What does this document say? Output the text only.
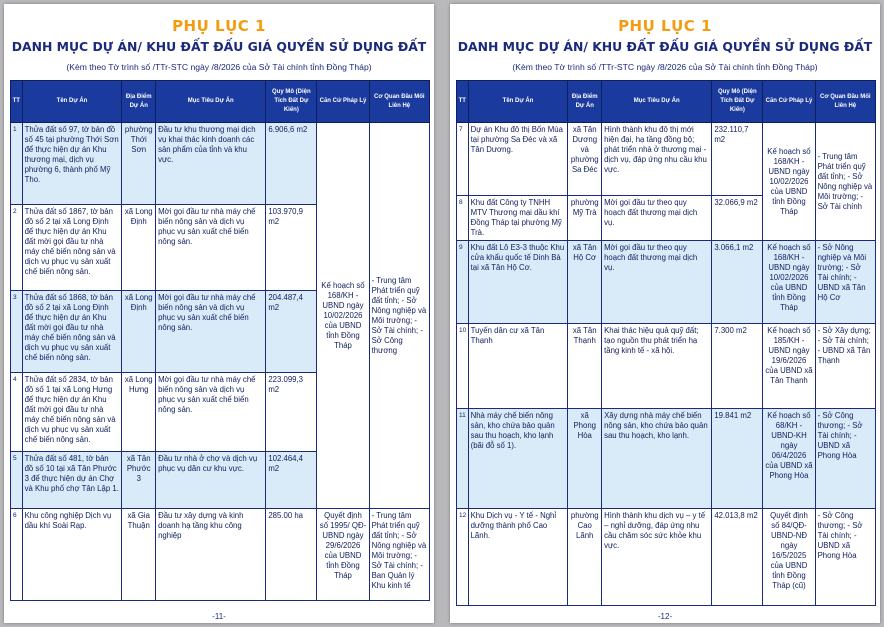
PHỤ LỤC 1
DANH MỤC DỰ ÁN/ KHU ĐẤT ĐẤU GIÁ QUYỀN SỬ DỤNG ĐẤT
(Kèm theo Tờ trình số /TTr-STC ngày /8/2026 của Sở Tài chính tỉnh Đồng Tháp)
TT	Tên Dự Án	Địa Điểm Dự Án	Mục Tiêu Dự Án	Quy Mô (Diện Tích Đất Dự Kiến)	Căn Cứ Pháp Lý	Cơ Quan Đầu Mối Liên Hệ
1	Thửa đất số 97, tờ bản đồ số 45 tại phường Thới Sơn để thực hiện dự án Khu thương mại, dịch vụ phường 6, thành phố Mỹ Tho.	phường Thới Sơn	Đầu tư khu thương mại dịch vụ khai thác kinh doanh các sản phẩm của tỉnh và khu vực.	6.906,6 m2	Kế hoạch số 168/KH -UBND ngày 10/02/2026 của UBND tỉnh Đồng Tháp	- Trung tâm Phát triển quỹ đất tỉnh; - Sở Nông nghiệp và Môi trường; - Sở Tài chính; - Sở Công thương
2	Thửa đất số 1867, tờ bản đồ số 2 tại xã Long Định để thực hiện dự án Khu đất mời gọi đầu tư nhà máy chế biến nông sản và dịch vụ phục vụ sản xuất chế biến nông sản.	xã Long Định	Mời gọi đầu tư nhà máy chế biến nông sản và dịch vụ phục vụ sản xuất chế biến nông sản.	103.970,9 m2		
3	Thửa đất số 1868, tờ bản đồ số 2 tại xã Long Định để thực hiện dự án Khu đất mời gọi đầu tư nhà máy chế biến nông sản và dịch vụ phục vụ sản xuất chế biến nông sản.	xã Long Định	Mời gọi đầu tư nhà máy chế biến nông sản và dịch vụ phục vụ sản xuất chế biến nông sản.	204.487,4 m2		
4	Thửa đất số 2834, tờ bản đồ số 1 tại xã Long Hưng để thực hiện dự án Khu đất mời gọi đầu tư nhà máy chế biến nông sản và dịch vụ phục vụ sản xuất chế biến nông sản.	xã Long Hưng	Mời gọi đầu tư nhà máy chế biến nông sản và dịch vụ phục vụ sản xuất chế biến nông sản.	223.099,3 m2		
5	Thửa đất số 481, tờ bản đồ số 10 tại xã Tân Phước 3 để thực hiện dự án Chợ và Khu phố chợ Tân Lập 1.	xã Tân Phước 3	Đầu tư nhà ở chợ và dịch vụ phục vụ dân cư khu vực.	102.464,4 m2		
6	Khu công nghiệp Dịch vụ dầu khí Soài Rạp.	xã Gia Thuận	Đầu tư xây dựng và kinh doanh hạ tầng khu công nghiệp	285.00 ha	Quyết định số 1995/ QĐ-UBND ngày 29/6/2026 của UBND tỉnh Đồng Tháp	- Trung tâm Phát triển quỹ đất tỉnh; - Sở Nông nghiệp và Môi trường; - Sở Tài chính; - Ban Quản lý Khu kinh tế
-11-
PHỤ LỤC 1
DANH MỤC DỰ ÁN/ KHU ĐẤT ĐẤU GIÁ QUYỀN SỬ DỤNG ĐẤT
(Kèm theo Tờ trình số /TTr-STC ngày /8/2026 của Sở Tài chính tỉnh Đồng Tháp)
TT	Tên Dự Án	Địa Điểm Dự Án	Mục Tiêu Dự Án	Quy Mô (Diện Tích Đất Dự Kiến)	Căn Cứ Pháp Lý	Cơ Quan Đầu Mối Liên Hệ
7	Dự án Khu đô thị Bốn Mùa tại phường Sa Đéc và xã Tân Dương.	xã Tân Dương và phường Sa Đéc	Hình thành khu đô thị mới hiện đại, hạ tầng đồng bộ; phát triển nhà ở thương mại - dịch vụ, đáp ứng nhu cầu khu vực.	232.110,7 m2	Kế hoạch số 168/KH -UBND ngày 10/02/2026 của UBND tỉnh Đồng Tháp	- Trung tâm Phát triển quỹ đất tỉnh; - Sở Nông nghiệp và Môi trường; - Sở Tài chính
8	Khu đất Công ty TNHH MTV Thương mại dầu khí Đồng Tháp tại phường Mỹ Trà.	phường Mỹ Trà	Mời gọi đầu tư theo quy hoạch đất thương mại dịch vụ.	32.066,9 m2		
9	Khu đất Lô E3-3 thuộc Khu cửa khẩu quốc tế Dinh Bà tại xã Tân Hộ Cơ.	xã Tân Hộ Cơ	Mời gọi đầu tư theo quy hoạch đất thương mại dịch vụ.	3.066,1 m2	Kế hoạch số 168/KH -UBND ngày 10/02/2026 của UBND tỉnh Đồng Tháp	- Sở Nông nghiệp và Môi trường; - Sở Tài chính; - UBND xã Tân Hộ Cơ
10	Tuyến dân cư xã Tân Thạnh	xã Tân Thạnh	Khai thác hiệu quả quỹ đất; tạo nguồn thu phát triển hạ tầng kinh tế - xã hội.	7.300 m2	Kế hoạch số 185/KH -UBND ngày 19/6/2026 của UBND xã Tân Thạnh	- Sở Xây dựng; - Sở Tài chính; - UBND xã Tân Thạnh
11	Nhà máy chế biến nông sản, kho chứa bảo quản sau thu hoạch, kho lạnh (bãi đỗ số 1).	xã Phong Hòa	Xây dựng nhà máy chế biến nông sản, kho chứa bảo quản sau thu hoạch, kho lạnh.	19.841 m2	Kế hoạch số 68/KH -UBND-KH ngày 06/4/2026 của UBND xã Phong Hòa	- Sở Công thương; - Sở Tài chính; - UBND xã Phong Hòa
12	Khu Dịch vụ - Y tế - Nghỉ dưỡng thành phố Cao Lãnh.	phường Cao Lãnh	Hình thành khu dịch vụ – y tế – nghỉ dưỡng, đáp ứng nhu cầu chăm sóc sức khỏe khu vực.	42.013,8 m2	Quyết định số 84/QĐ-UBND-NĐ ngày 16/5/2025 của UBND tỉnh Đồng Tháp (cũ)	- Sở Công thương; - Sở Tài chính; - UBND xã Phong Hòa
-12-
